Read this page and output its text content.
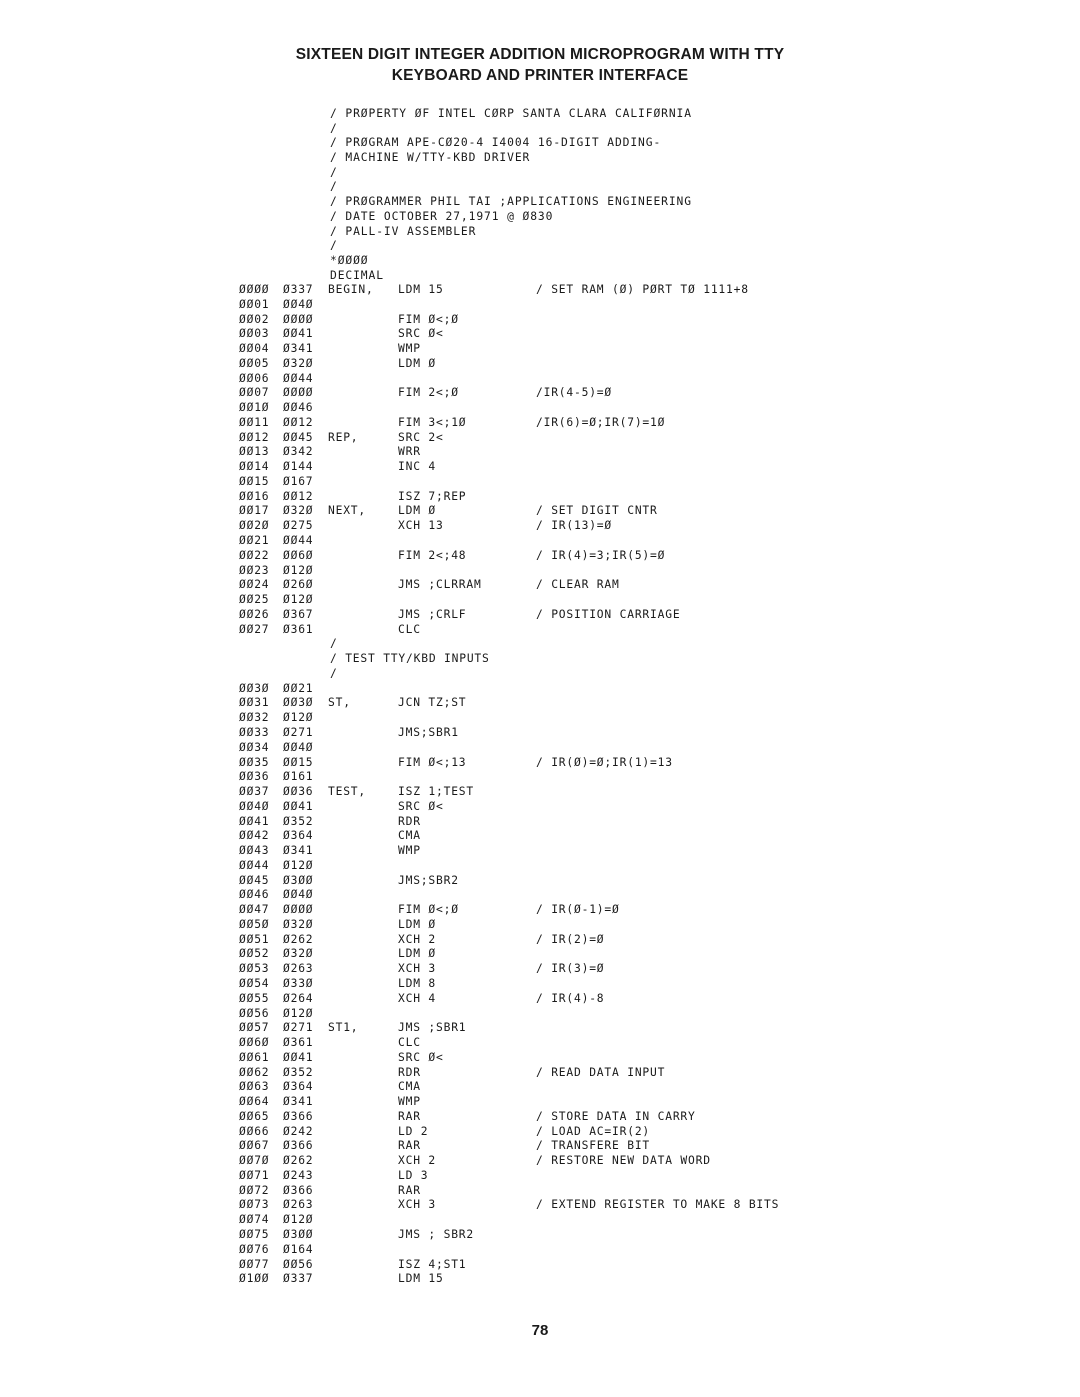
SIXTEEN DIGIT INTEGER ADDITION MICROPROGRAM WITH TTY
KEYBOARD AND PRINTER INTERFACE
/ PRØPERTY ØF INTEL CØRP SANTA CLARA CALIFØRNIA
/
/ PRØGRAM APE-CØ20-4 I4004 16-DIGIT ADDING-
/ MACHINE W/TTY-KBD DRIVER
/
/
/ PRØGRAMMER PHIL TAI ;APPLICATIONS ENGINEERING
/ DATE OCTOBER 27,1971 @ Ø830
/ PALL-IV ASSEMBLER
/
*ØØØØ
DECIMAL
ØØØØ Ø337 BEGIN, LDM 15	/ SET RAM (Ø) PØRT TØ 1111+8
ØØ01 ØØ4Ø
ØØ02 ØØØØ	FIM Ø<;Ø
ØØ03 ØØ41	SRC Ø<
ØØ04 Ø341	WMP
ØØ05 Ø32Ø	LDM Ø
ØØ06 ØØ44
ØØ07 ØØØØ	FIM 2<;Ø	/IR(4-5)=Ø
ØØ1Ø ØØ46
ØØ11 ØØ12	FIM 3<;1Ø	/IR(6)=Ø;IR(7)=1Ø
ØØ12 ØØ45 REP,	SRC 2<
ØØ13 Ø342	WRR
ØØ14 Ø144	INC 4
ØØ15 Ø167
ØØ16 ØØ12	ISZ 7;REP
ØØ17 Ø32Ø NEXT,	LDM Ø	/ SET DIGIT CNTR
ØØ2Ø Ø275	XCH 13	/ IR(13)=Ø
ØØ21 ØØ44
ØØ22 ØØ6Ø	FIM 2<;48	/ IR(4)=3;IR(5)=Ø
ØØ23 Ø12Ø
ØØ24 Ø26Ø	JMS ;CLRRAM	/ CLEAR RAM
ØØ25 Ø12Ø
ØØ26 Ø367	JMS ;CRLF	/ POSITION CARRIAGE
ØØ27 Ø361	CLC
/
/ TEST TTY/KBD INPUTS
/
ØØ3Ø ØØ21
ØØ31 ØØ3Ø ST,	JCN TZ;ST
ØØ32 Ø12Ø
ØØ33 Ø271	JMS;SBR1
ØØ34 ØØ4Ø
ØØ35 ØØ15	FIM Ø<;13	/ IR(Ø)=Ø;IR(1)=13
ØØ36 Ø161
ØØ37 ØØ36 TEST,	ISZ 1;TEST
ØØ4Ø ØØ41	SRC Ø<
ØØ41 Ø352	RDR
ØØ42 Ø364	CMA
ØØ43 Ø341	WMP
ØØ44 Ø12Ø
ØØ45 Ø3ØØ	JMS;SBR2
ØØ46 ØØ4Ø
ØØ47 ØØØØ	FIM Ø<;Ø	/ IR(Ø-1)=Ø
ØØ5Ø Ø32Ø	LDM Ø
ØØ51 Ø262	XCH 2	/ IR(2)=Ø
ØØ52 Ø32Ø	LDM Ø
ØØ53 Ø263	XCH 3	/ IR(3)=Ø
ØØ54 Ø33Ø	LDM 8
ØØ55 Ø264	XCH 4	/ IR(4)-8
ØØ56 Ø12Ø
ØØ57 Ø271 ST1,	JMS ;SBR1
ØØ6Ø Ø361	CLC
ØØ61 ØØ41	SRC Ø<
ØØ62 Ø352	RDR	/ READ DATA INPUT
ØØ63 Ø364	CMA
ØØ64 Ø341	WMP
ØØ65 Ø366	RAR	/ STORE DATA IN CARRY
ØØ66 Ø242	LD 2	/ LOAD AC=IR(2)
ØØ67 Ø366	RAR	/ TRANSFERE BIT
ØØ7Ø Ø262	XCH 2	/ RESTORE NEW DATA WORD
ØØ71 Ø243	LD 3
ØØ72 Ø366	RAR
ØØ73 Ø263	XCH 3	/ EXTEND REGISTER TO MAKE 8 BITS
ØØ74 Ø12Ø
ØØ75 Ø3ØØ	JMS ; SBR2
ØØ76 Ø164
ØØ77 ØØ56	ISZ 4;ST1
Ø1ØØ Ø337	LDM 15
78
